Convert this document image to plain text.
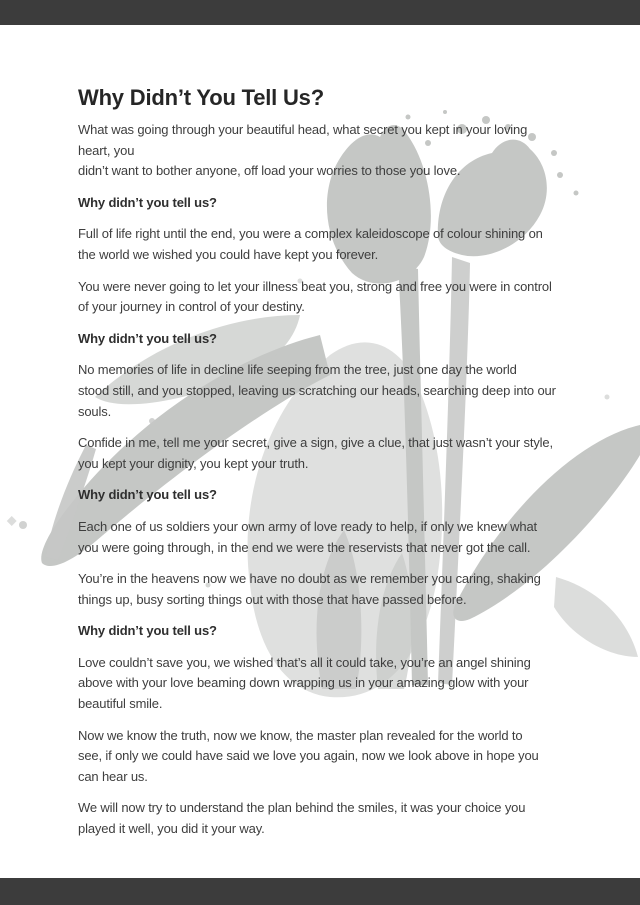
Why Didn’t You Tell Us?
What was going through your beautiful head, what secret you kept in your loving
heart, you
didn’t want to bother anyone, off load your worries to those you love.
Why didn’t you tell us?
Full of life right until the end, you were a complex kaleidoscope of colour shining on
the world we wished you could have kept you forever.
You were never going to let your illness beat you, strong and free you were in control
of your journey in control of your destiny.
Why didn’t you tell us?
No memories of life in decline life seeping from the tree, just one day the world
stood still, and you stopped, leaving us scratching our heads, searching deep into our
souls.
Confide in me, tell me your secret, give a sign, give a clue, that just wasn’t your style,
you kept your dignity, you kept your truth.
Why didn’t you tell us?
Each one of us soldiers your own army of love ready to help, if only we knew what
you were going through, in the end we were the reservists that never got the call.
You’re in the heavens now we have no doubt as we remember you caring, shaking
things up, busy sorting things out with those that have passed before.
Why didn’t you tell us?
Love couldn’t save you, we wished that’s all it could take, you’re an angel shining
above with your love beaming down wrapping us in your amazing glow with your
beautiful smile.
Now we know the truth, now we know, the master plan revealed for the world to
see, if only we could have said we love you again, now we look above in hope you
can hear us.
We will now try to understand the plan behind the smiles, it was your choice you
played it well, you did it your way.
